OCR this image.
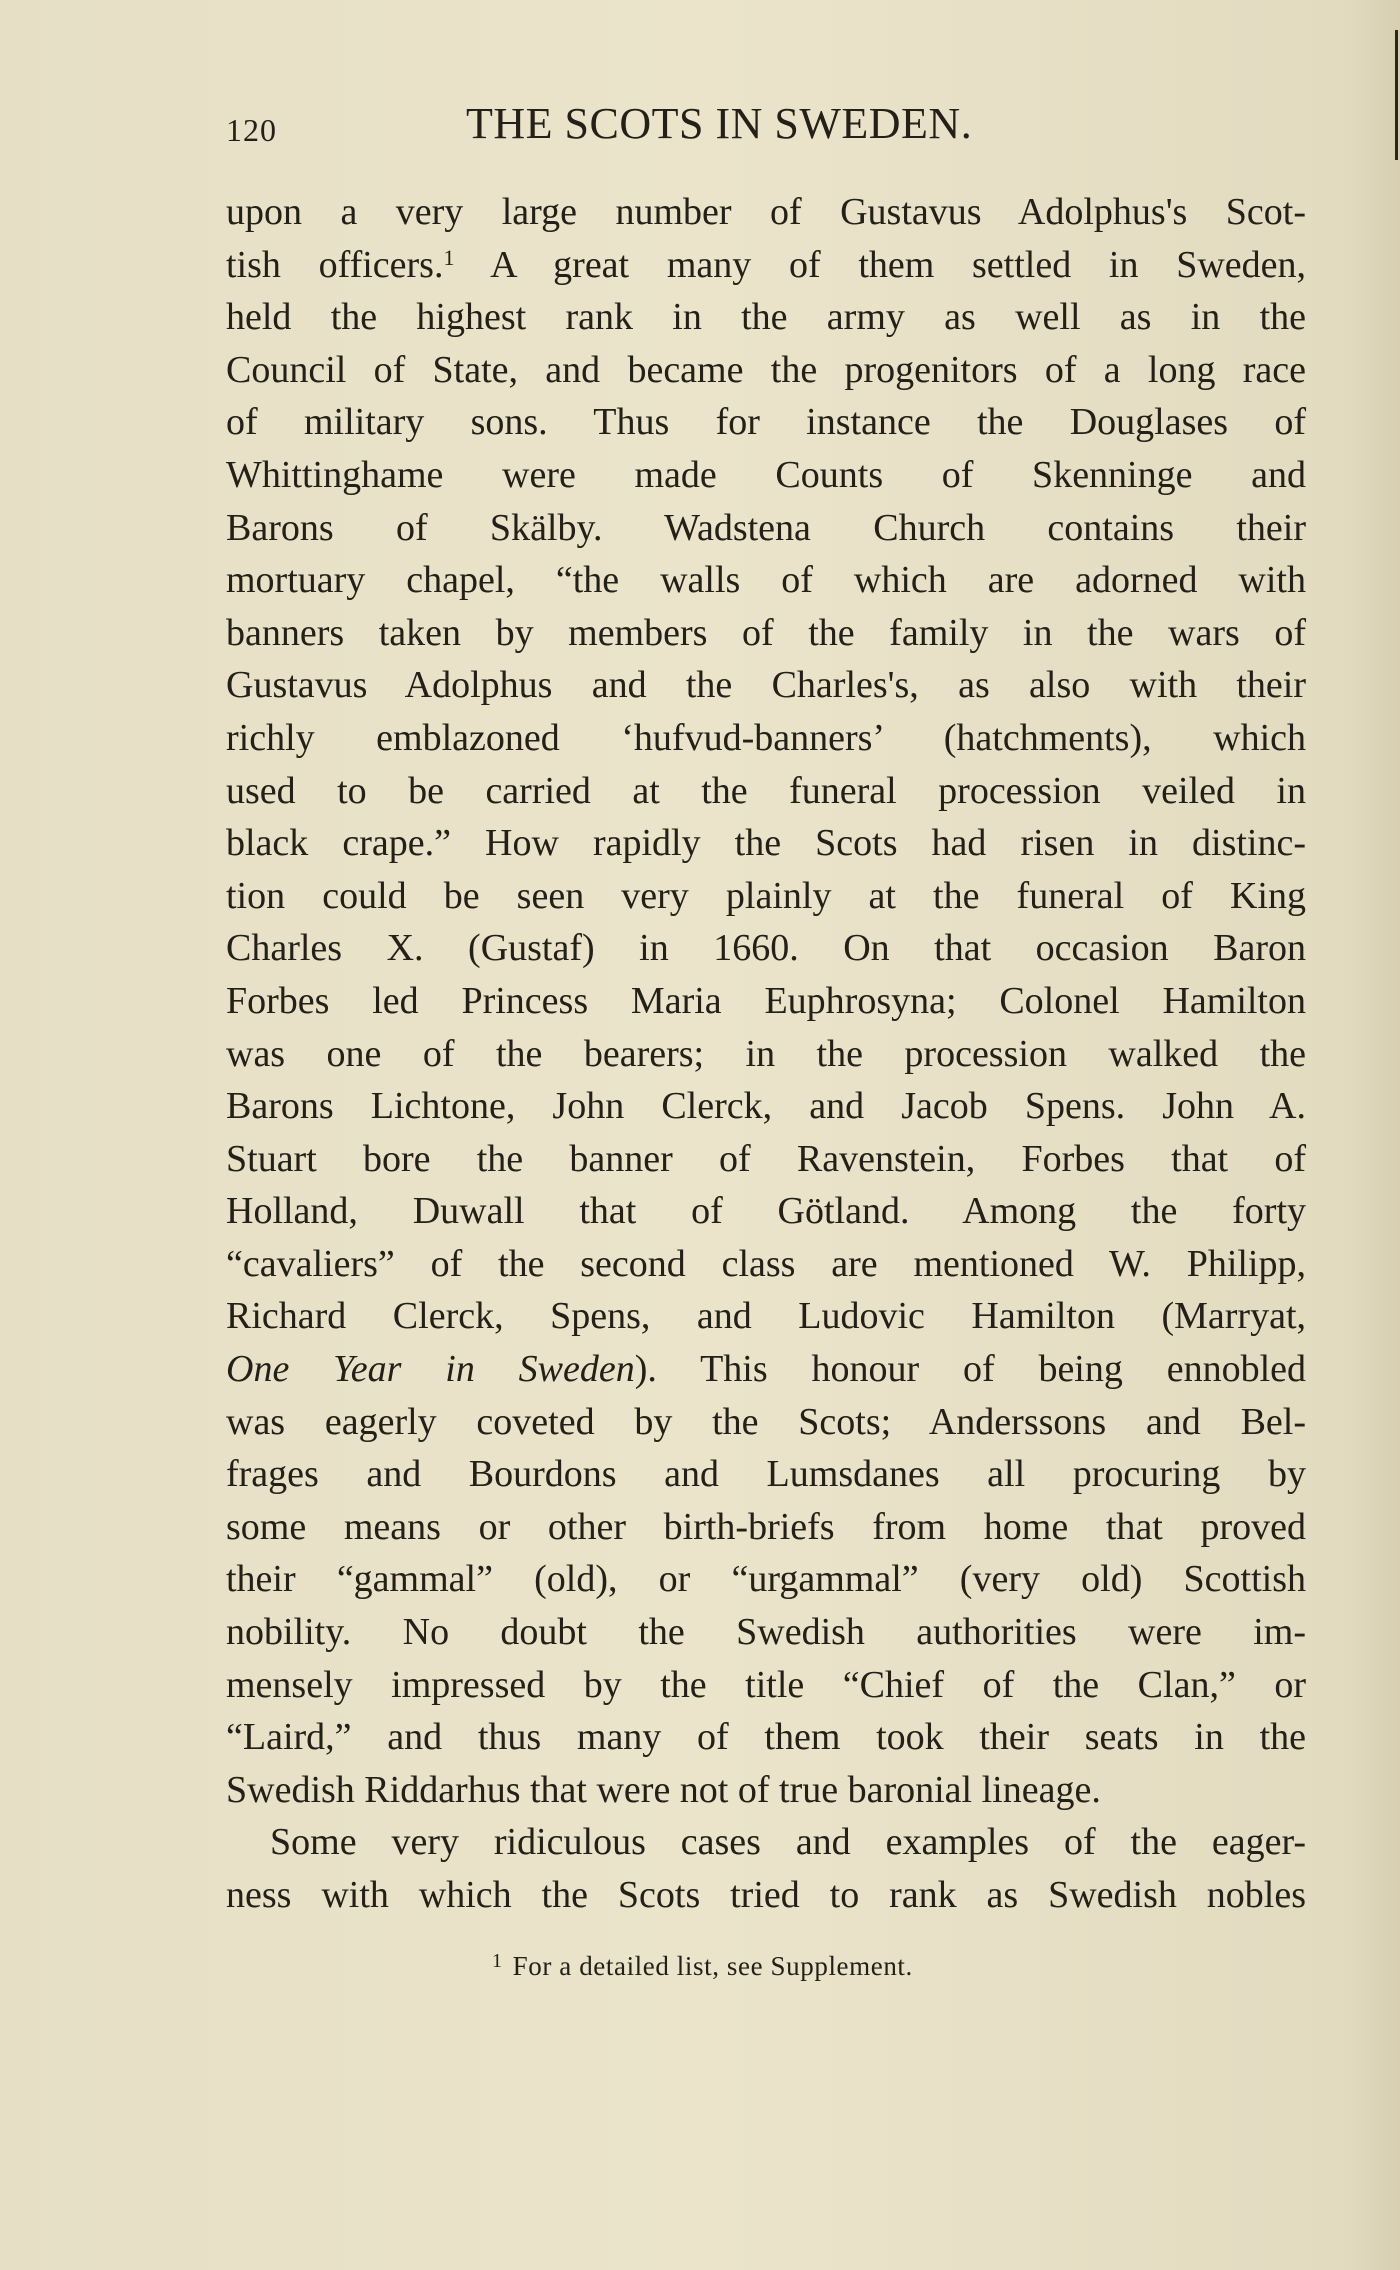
120	THE SCOTS IN SWEDEN.
upon a very large number of Gustavus Adolphus's Scot-
tish officers.$^1$ A great many of them settled in Sweden,
held the highest rank in the army as well as in the
Council of State, and became the progenitors of a long race
of military sons. Thus for instance the Douglases of
Whittinghame were made Counts of Skenninge and
Barons of Skälby. Wadstena Church contains their
mortuary chapel, “the walls of which are adorned with
banners taken by members of the family in the wars of
Gustavus Adolphus and the Charles's, as also with their
richly emblazoned ‘hufvud-banners’ (hatchments), which
used to be carried at the funeral procession veiled in
black crape.” How rapidly the Scots had risen in distinc-
tion could be seen very plainly at the funeral of King
Charles X. (Gustaf) in 1660. On that occasion Baron
Forbes led Princess Maria Euphrosyna; Colonel Hamilton
was one of the bearers; in the procession walked the
Barons Lichtone, John Clerck, and Jacob Spens. John A.
Stuart bore the banner of Ravenstein, Forbes that of
Holland, Duwall that of Götland. Among the forty
“cavaliers” of the second class are mentioned W. Philipp,
Richard Clerck, Spens, and Ludovic Hamilton (Marryat,
One Year in Sweden). This honour of being ennobled
was eagerly coveted by the Scots; Anderssons and Bel-
frages and Bourdons and Lumsdanes all procuring by
some means or other birth-briefs from home that proved
their “gammal” (old), or “urgammal” (very old) Scottish
nobility. No doubt the Swedish authorities were im-
mensely impressed by the title “Chief of the Clan,” or
“Laird,” and thus many of them took their seats in the
Swedish Riddarhus that were not of true baronial lineage.
Some very ridiculous cases and examples of the eager-
ness with which the Scots tried to rank as Swedish nobles
$^1$ For a detailed list, see Supplement.
